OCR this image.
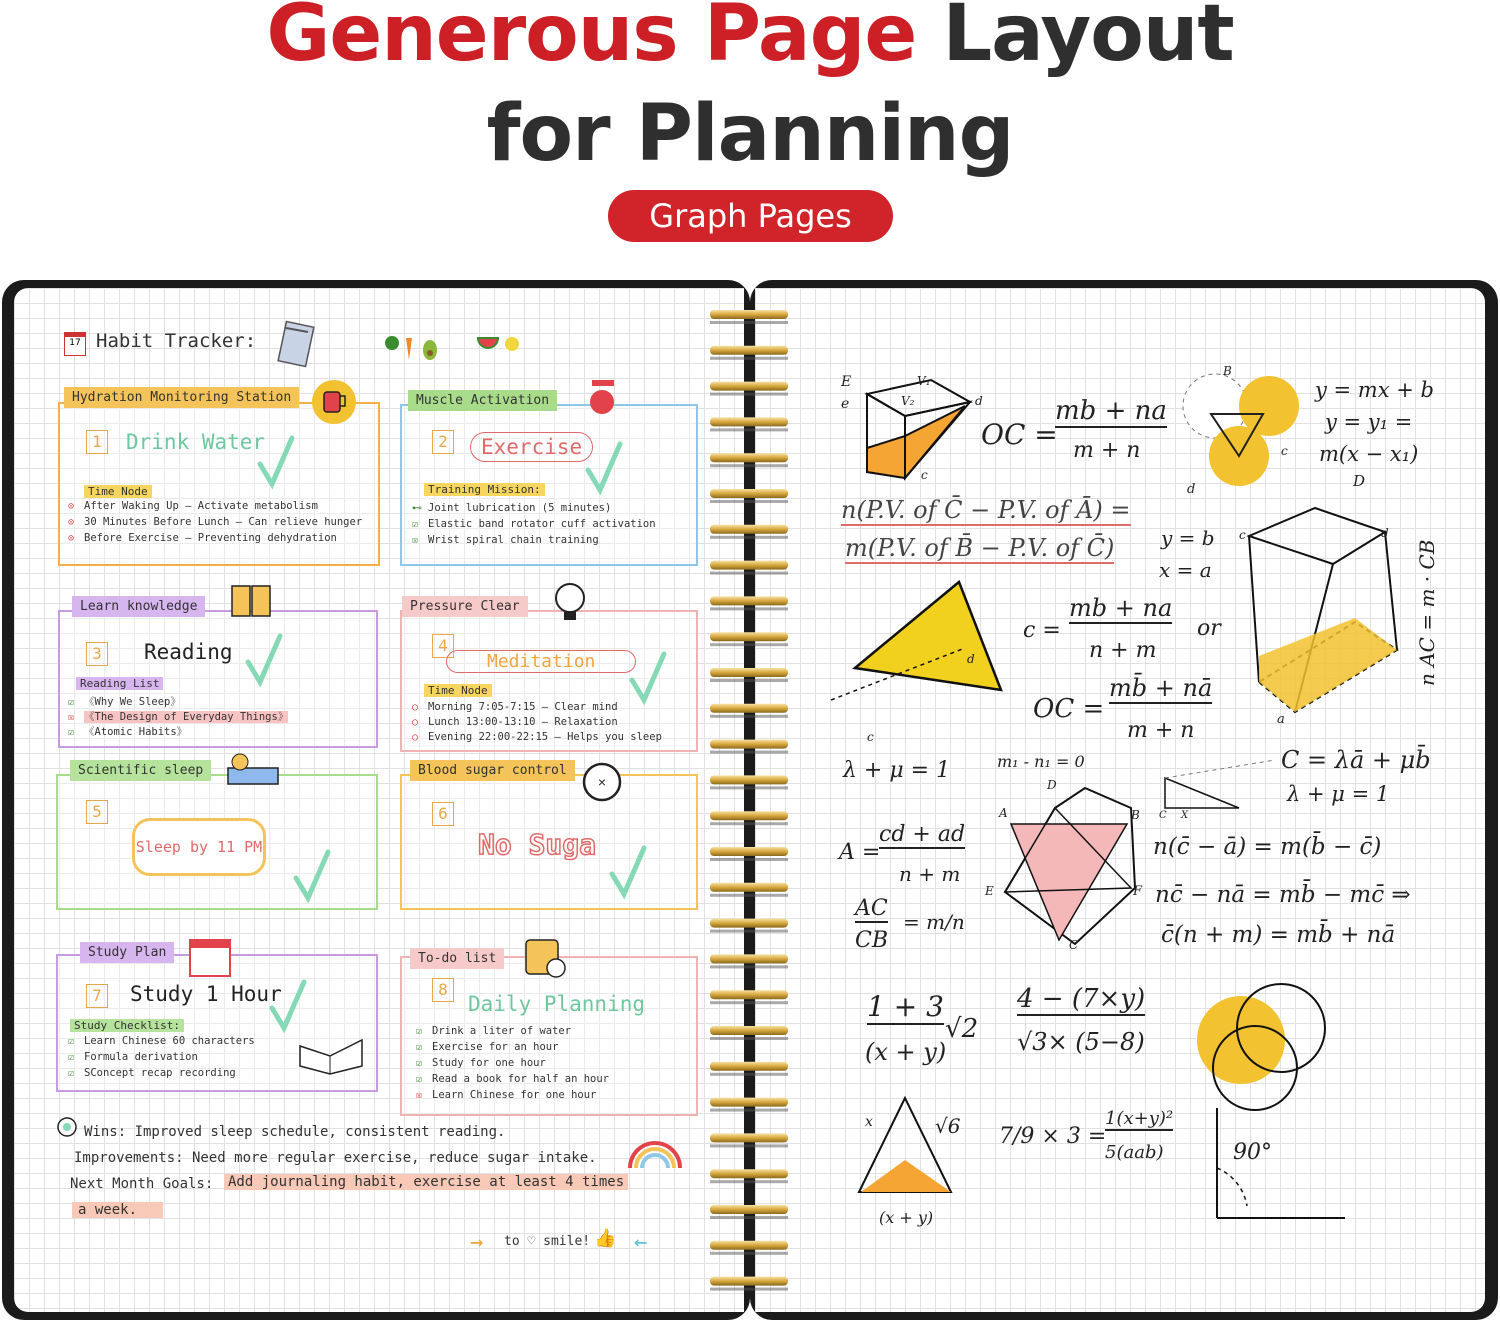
Generous Page Layout
for Planning
Graph Pages
17 Habit Tracker:
Hydration Monitoring Station
1 Drink Water
Time Node
⊙ After Waking Up – Activate metabolism
⊙ 30 Minutes Before Lunch – Can relieve hunger
⊙ Before Exercise – Preventing dehydration
Muscle Activation
2	Exercise
Training Mission:
⊷ Joint lubrication (5 minutes)
☑ Elastic band rotator cuff activation
☒ Wrist spiral chain training
Learn knowledge
3 Reading
Reading List
☑ 《Why We Sleep》
☒ 《The Design of Everyday Things》
☑ 《Atomic Habits》
Pressure Clear
4
Meditation
Time Node
○ Morning 7:05-7:15 – Clear mind
○ Lunch 13:00-13:10 – Relaxation
○ Evening 22:00-22:15 – Helps you sleep
Scientific sleep
5
Sleep by 11 PM
Blood sugar control
×
6
No Suga
Study Plan
7 Study 1 Hour
Study Checklist:
☑ Learn Chinese 60 characters
☑ Formula derivation
☑ SConcept recap recording
To-do list
8
Daily Planning
☑ Drink a liter of water
☑ Exercise for an hour
☑ Study for one hour
☑ Read a book for half an hour
☒ Learn Chinese for one hour
Wins: Improved sleep schedule, consistent reading.
Improvements: Need more regular exercise, reduce sugar intake.
Next Month Goals: Add journaling habit, exercise at least 4 times
a week.
→ to ♡ smile! 👍 ←
OC =
mb + na
m + n
y = mx + b
y = y₁ =
m(x − x₁)
n(P.V. of C̄ − P.V. of Ā) =
m(P.V. of B̄ − P.V. of C̄) y = b
x = a
c =
mb + na
n + m
or
OC =
mb̄ + nā
m + n
n AC = m · CB
λ + μ = 1	m₁ - n₁ = 0	C = λā + μb̄
λ + μ = 1
A =
cd + ad
n + m
n(c̄ − ā) = m(b̄ − c̄)
nc̄ − nā = mb̄ − mc̄ ⇒
c̄(n + m) = mb̄ + nā
AC
CB
= m/n
1 + 3
(x + y)
√2
4 − (7×y)
√3× (5−8)
√6
(x + y)
7/9 × 3 =
1(x+y)²
5(aab)	90°
E
e
V₁
V₂	d
c
B
c
d	D
c	d
a
d
c
D
A	B
E	F
C
C X
x
